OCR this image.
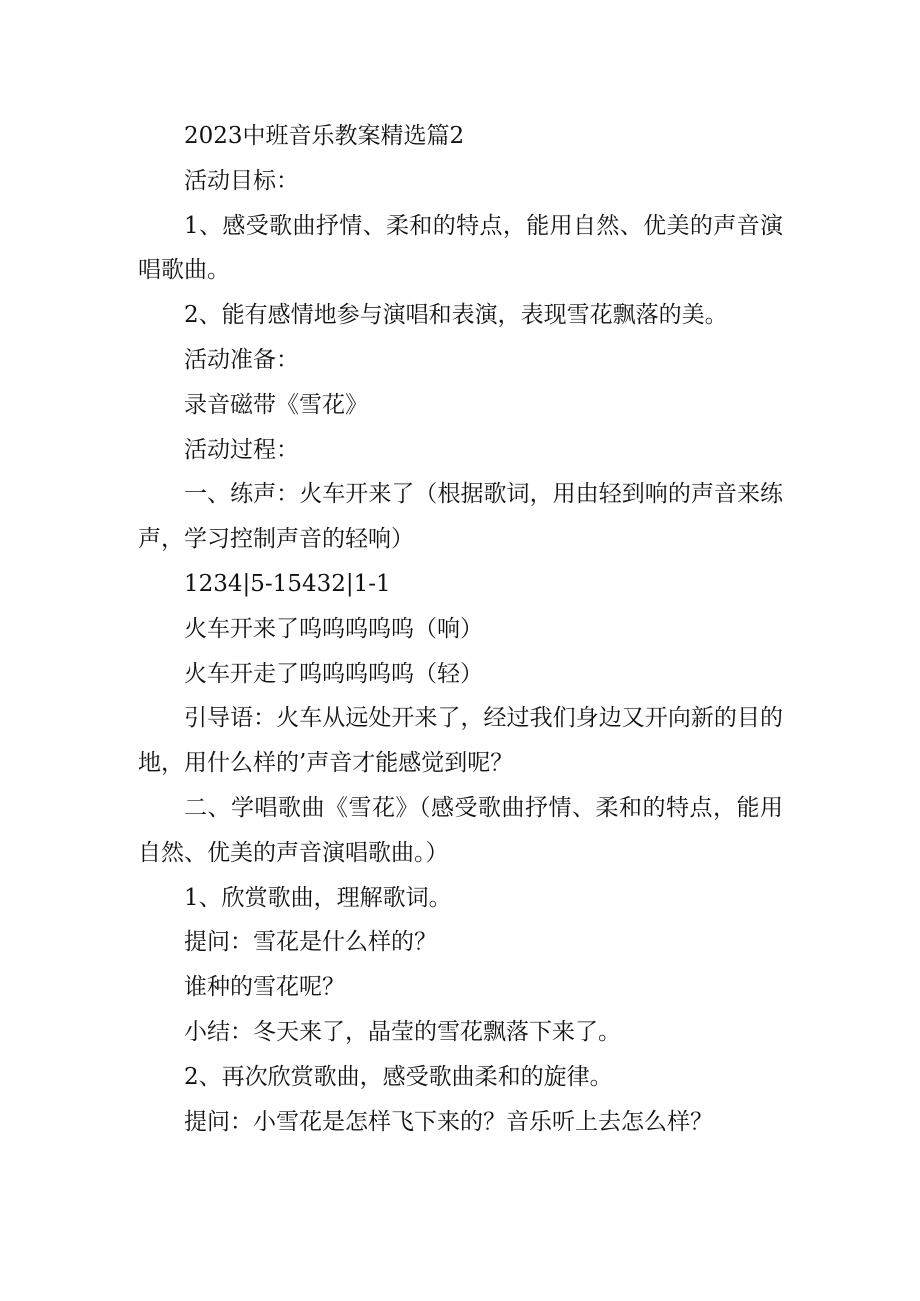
2023中班音乐教案精选篇2

活动目标：

1、感受歌曲抒情、柔和的特点，能用自然、优美的声音演唱歌曲。

2、能有感情地参与演唱和表演，表现雪花飘落的美。

活动准备：

录音磁带《雪花》

活动过程：

一、练声：火车开来了（根据歌词，用由轻到响的声音来练声，学习控制声音的轻响）

1234|5-15432|1-1

火车开来了呜呜呜呜呜（响）

火车开走了呜呜呜呜呜（轻）

引导语：火车从远处开来了，经过我们身边又开向新的目的地，用什么样的’声音才能感觉到呢？

二、学唱歌曲《雪花》（感受歌曲抒情、柔和的特点，能用自然、优美的声音演唱歌曲。）

1、欣赏歌曲，理解歌词。

提问：雪花是什么样的？

谁种的雪花呢？

小结：冬天来了，晶莹的雪花飘落下来了。

2、再次欣赏歌曲，感受歌曲柔和的旋律。

提问：小雪花是怎样飞下来的？音乐听上去怎么样？
